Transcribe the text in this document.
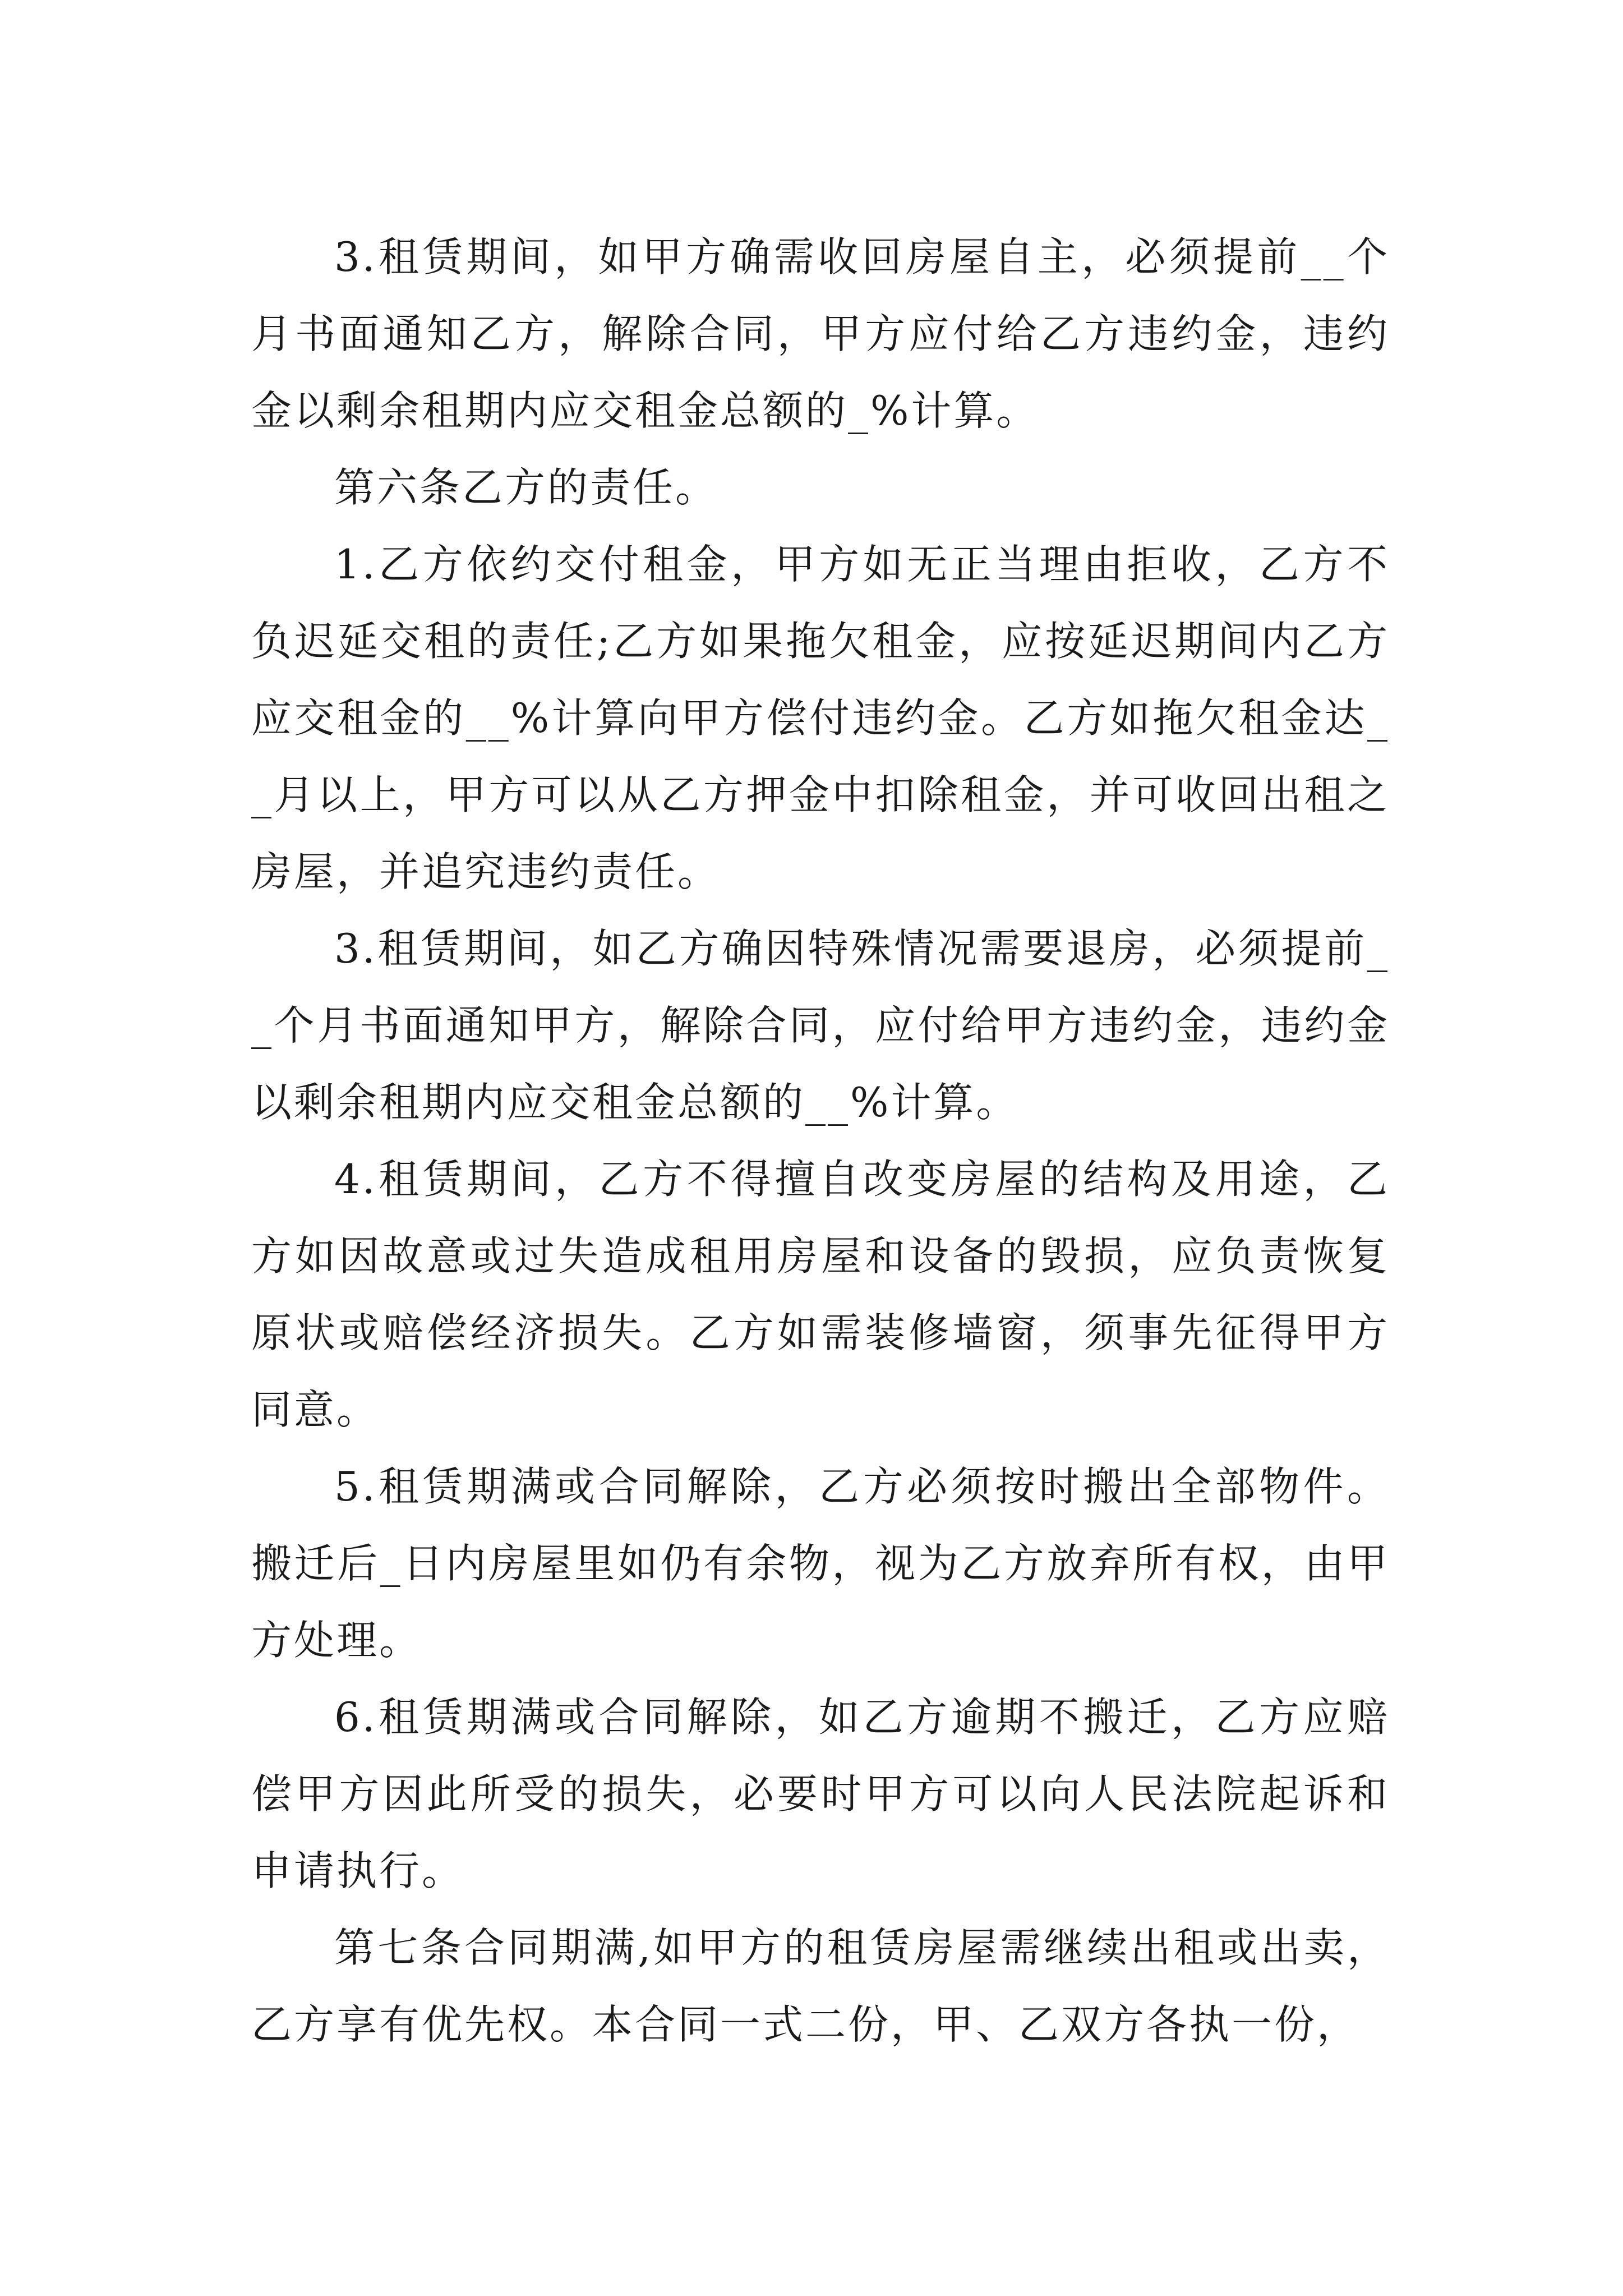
3.租赁期间，如甲方确需收回房屋自主，必须提前__个月书面通知乙方，解除合同，甲方应付给乙方违约金，违约金以剩余租期内应交租金总额的_%计算。

第六条乙方的责任。

1.乙方依约交付租金，甲方如无正当理由拒收，乙方不负迟延交租的责任;乙方如果拖欠租金，应按延迟期间内乙方应交租金的__%计算向甲方偿付违约金。乙方如拖欠租金达__月以上，甲方可以从乙方押金中扣除租金，并可收回出租之房屋，并追究违约责任。

3.租赁期间，如乙方确因特殊情况需要退房，必须提前__个月书面通知甲方，解除合同，应付给甲方违约金，违约金以剩余租期内应交租金总额的__%计算。

4.租赁期间，乙方不得擅自改变房屋的结构及用途，乙方如因故意或过失造成租用房屋和设备的毁损，应负责恢复原状或赔偿经济损失。乙方如需装修墙窗，须事先征得甲方同意。

5.租赁期满或合同解除，乙方必须按时搬出全部物件。搬迁后_日内房屋里如仍有余物，视为乙方放弃所有权，由甲方处理。

6.租赁期满或合同解除，如乙方逾期不搬迁，乙方应赔偿甲方因此所受的损失，必要时甲方可以向人民法院起诉和申请执行。

第七条合同期满,如甲方的租赁房屋需继续出租或出卖，乙方享有优先权。本合同一式二份，甲、乙双方各执一份，
